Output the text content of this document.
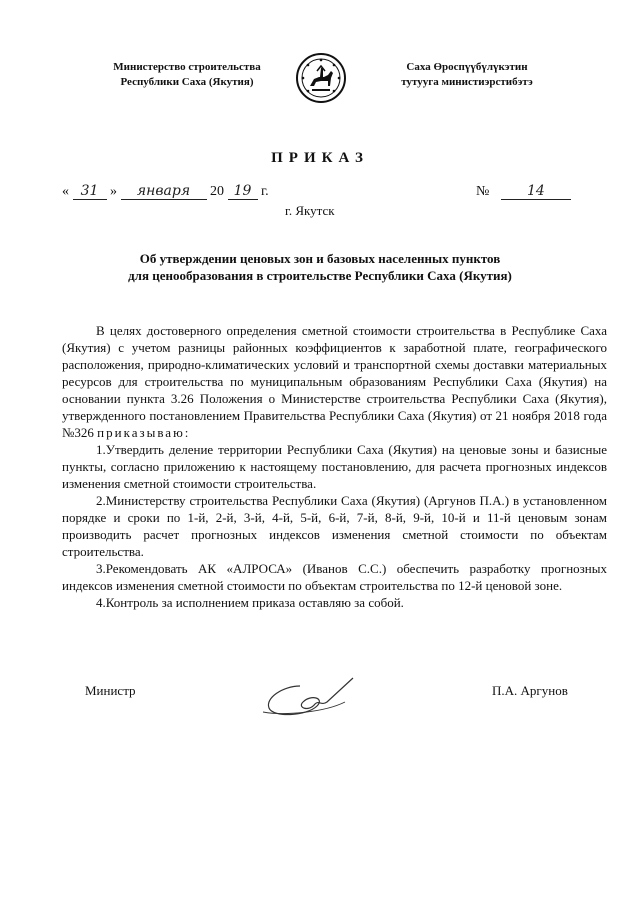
Министерство строительства
Республики Саха (Якутия)
Саха Өроспүүбүлүкэтин
тутууга министиэрстибэтэ
ПРИКАЗ
« 31 » января 20 19 г.	№	14
г. Якутск
Об утверждении ценовых зон и базовых населенных пунктов
для ценообразования в строительстве Республики Саха (Якутия)

В целях достоверного определения сметной стоимости строительства в Республике Саха (Якутия) с учетом разницы районных коэффициентов к заработной плате, географического расположения, природно-климатических условий и транспортной схемы доставки материальных ресурсов для строительства по муниципальным образованиям Республики Саха (Якутия) на основании пункта 3.26 Положения о Министерстве строительства Республики Саха (Якутия), утвержденного постановлением Правительства Республики Саха (Якутия) от 21 ноября 2018 года №326 приказываю:

1.Утвердить деление территории Республики Саха (Якутия) на ценовые зоны и базисные пункты, согласно приложению к настоящему постановлению, для расчета прогнозных индексов изменения сметной стоимости строительства.

2.Министерству строительства Республики Саха (Якутия) (Аргунов П.А.) в установленном порядке и сроки по 1-й, 2-й, 3-й, 4-й, 5-й, 6-й, 7-й, 8-й, 9-й, 10-й и 11-й ценовым зонам производить расчет прогнозных индексов изменения сметной стоимости по объектам строительства.

3.Рекомендовать АК «АЛРОСА» (Иванов С.С.) обеспечить разработку прогнозных индексов изменения сметной стоимости по объектам строительства по 12-й ценовой зоне.

4.Контроль за исполнением приказа оставляю за собой.

Министр	П.А. Аргунов
